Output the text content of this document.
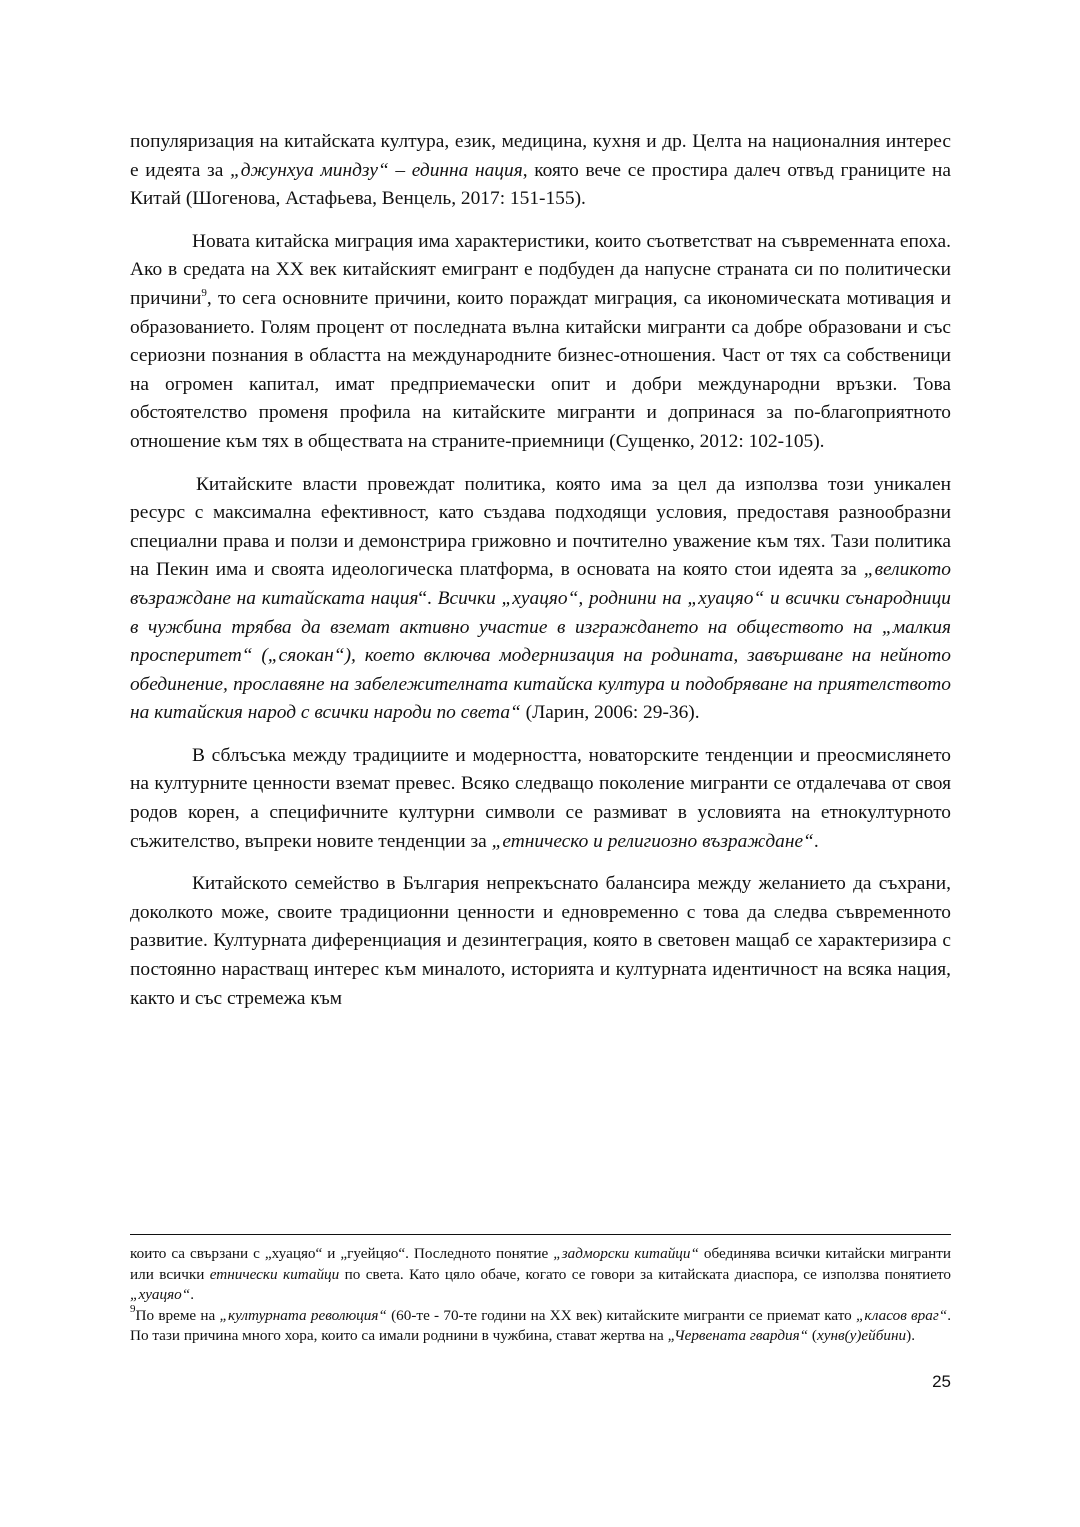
популяризация на китайската култура, език, медицина, кухня и др. Целта на националния интерес е идеята за „джунхуа миндзу“ – единна нация, която вече се простира далеч отвъд границите на Китай (Шогенова, Астафьева, Венцель, 2017: 151-155).

Новата китайска миграция има характеристики, които съответстват на съвременната епоха. Ако в средата на XX век китайският емигрант е подбуден да напусне страната си по политически причини$^9$, то сега основните причини, които пораждат миграция, са икономическата мотивация и образованието. Голям процент от последната вълна китайски мигранти са добре образовани и със сериозни познания в областта на международните бизнес-отношения. Част от тях са собственици на огромен капитал, имат предприемачески опит и добри международни връзки. Това обстоятелство променя профила на китайските мигранти и допринася за по-благоприятното отношение към тях в обществата на страните-приемници (Сущенко, 2012: 102-105).

Китайските власти провеждат политика, която има за цел да използва този уникален ресурс с максимална ефективност, като създава подходящи условия, предоставя разнообразни специални права и ползи и демонстрира грижовно и почтително уважение към тях. Тази политика на Пекин има и своята идеологическа платформа, в основата на която стои идеята за „великото възраждане на китайската нация“. Всички „хуацяо“, роднини на „хуацяо“ и всички сънародници в чужбина трябва да вземат активно участие в изграждането на обществото на „малкия просперитет“ („сяокан“), което включва модернизация на родината, завършване на нейното обединение, прославяне на забележителната китайска култура и подобряване на приятелството на китайския народ с всички народи по света“ (Ларин, 2006: 29-36).

В сблъсъка между традициите и модерността, новаторските тенденции и преосмислянето на културните ценности вземат превес. Всяко следващо поколение мигранти се отдалечава от своя родов корен, а специфичните културни символи се размиват в условията на етнокултурното съжителство, въпреки новите тенденции за „етническо и религиозно възраждане“.

Китайското семейство в България непрекъснато балансира между желанието да съхрани, доколкото може, своите традиционни ценности и едновременно с това да следва съвременното развитие. Културната диференциация и дезинтеграция, която в световен мащаб се характеризира с постоянно нарастващ интерес към миналото, историята и културната идентичност на всяка нация, както и със стремежа към

които са свързани с „хуацяо“ и „гуейцяо“. Последното понятие „задморски китайци“ обединява всички китайски мигранти или всички етнически китайци по света. Като цяло обаче, когато се говори за китайската диаспора, се използва понятието „хуацяо“.

$^9$По време на „културната революция“ (60-те - 70-те години на XX век) китайските мигранти се приемат като „класов враг“. По тази причина много хора, които са имали роднини в чужбина, стават жертва на „Червената гвардия“ (хунв(у)ейбини).

25
